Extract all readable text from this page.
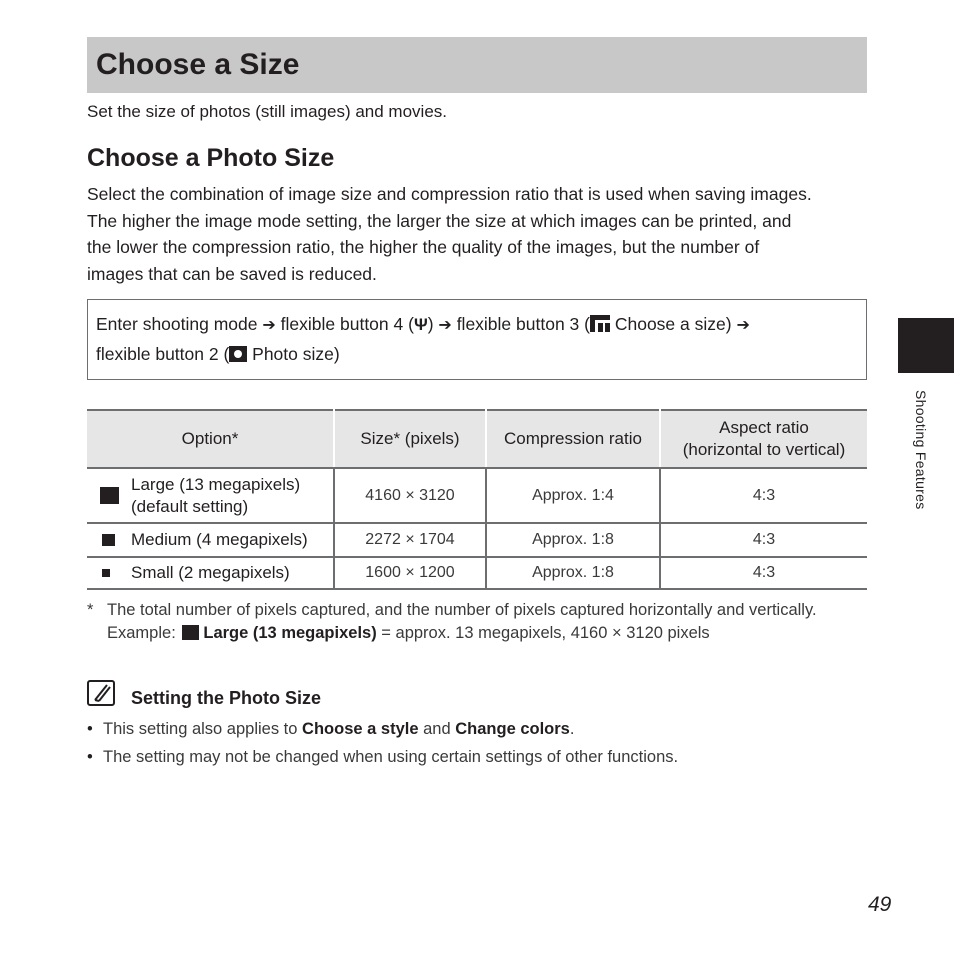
Choose a Size
Set the size of photos (still images) and movies.
Choose a Photo Size
Select the combination of image size and compression ratio that is used when saving images.
The higher the image mode setting, the larger the size at which images can be printed, and
the lower the compression ratio, the higher the quality of the images, but the number of
images that can be saved is reduced.
Enter shooting mode ➔ flexible button 4 (Ψ) ➔ flexible button 3 ( Choose a size) ➔
flexible button 2 ( Photo size)
Option*	Size* (pixels)	Compression ratio	Aspect ratio
(horizontal to vertical)

Large (13 megapixels)
(default setting)	4160 × 3120	Approx. 1:4	4:3

Medium (4 megapixels)	2272 × 1704	Approx. 1:8	4:3

Small (2 megapixels)	1600 × 1200	Approx. 1:8	4:3
* The total number of pixels captured, and the number of pixels captured horizontally and vertically.
Example: Large (13 megapixels) = approx. 13 megapixels, 4160 × 3120 pixels
Setting the Photo Size
• This setting also applies to Choose a style and Change colors.
• The setting may not be changed when using certain settings of other functions.
Shooting Features
49
